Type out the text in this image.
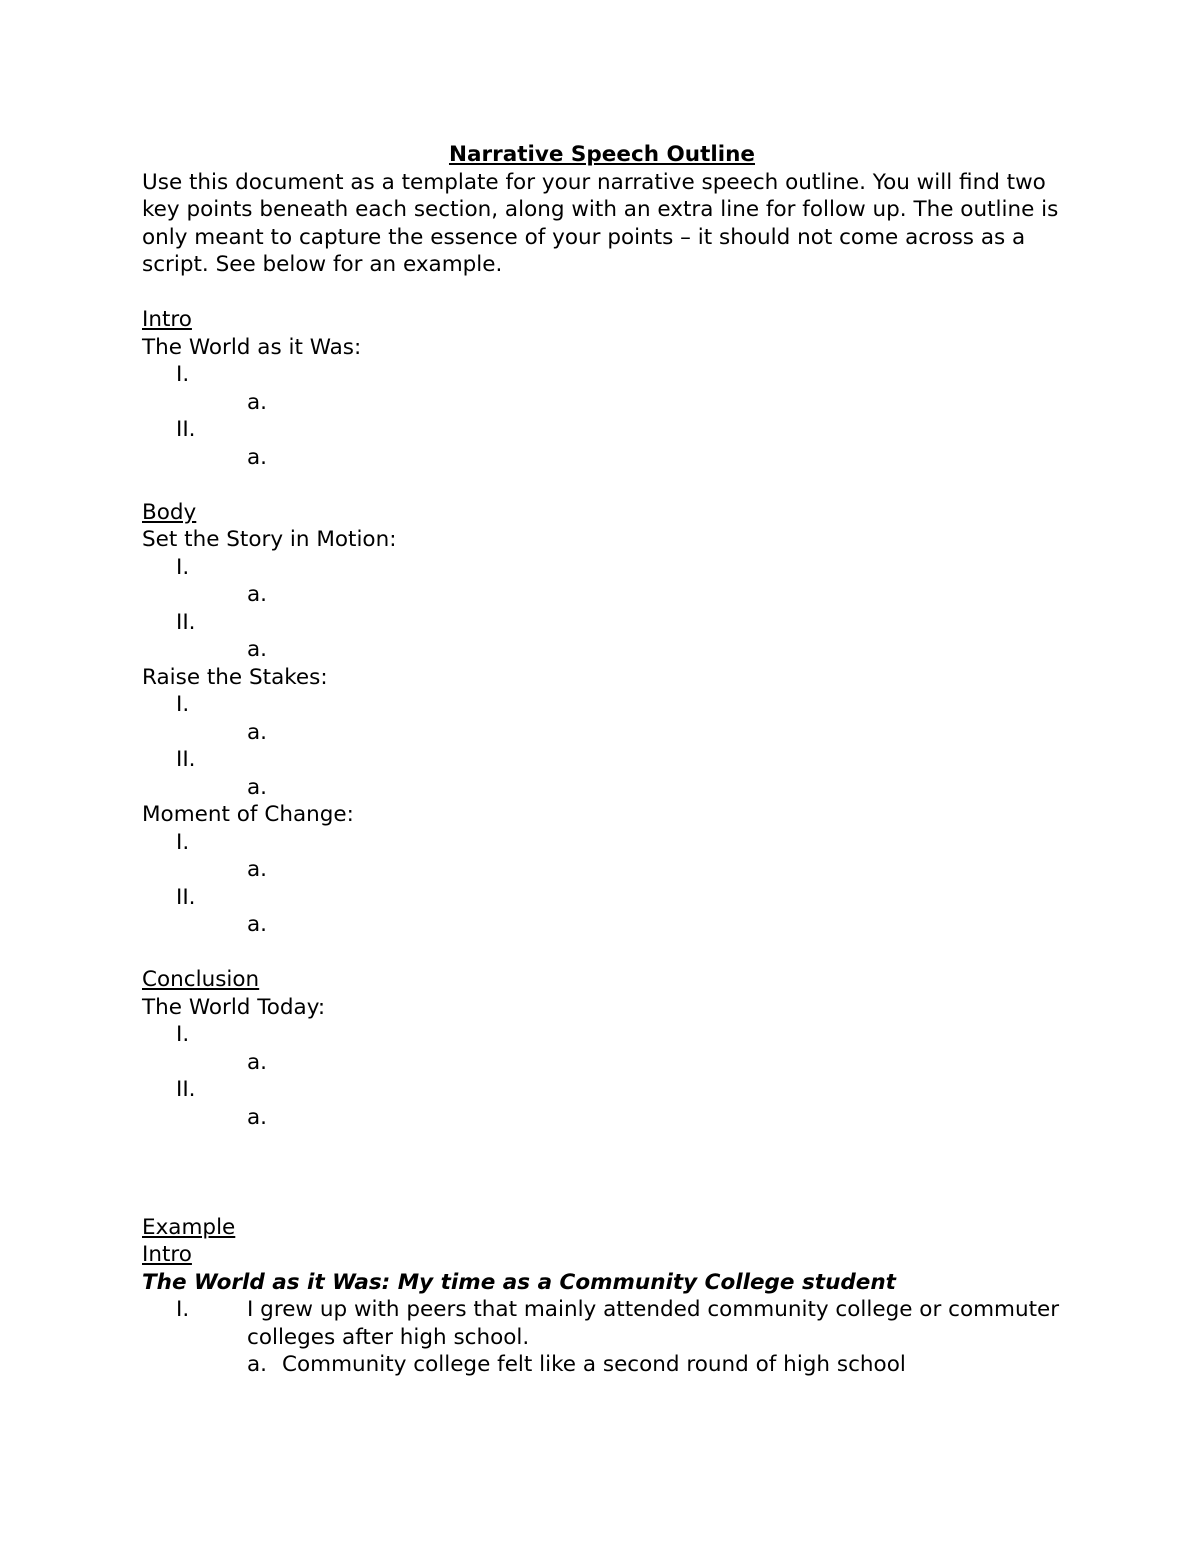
Narrative Speech Outline

Use this document as a template for your narrative speech outline. You will find two key points beneath each section, along with an extra line for follow up. The outline is only meant to capture the essence of your points – it should not come across as a script. See below for an example.

Intro
The World as it Was:
I.
a.
II.
a.
Body
Set the Story in Motion:
I.
a.
II.
a.
Raise the Stakes:
I.
a.
II.
a.
Moment of Change:
I.
a.
II.
a.
Conclusion
The World Today:
I.
a.
II.
a.
Example
Intro
The World as it Was: My time as a Community College student
I.	I grew up with peers that mainly attended community college or commuter colleges after high school.
a. Community college felt like a second round of high school
